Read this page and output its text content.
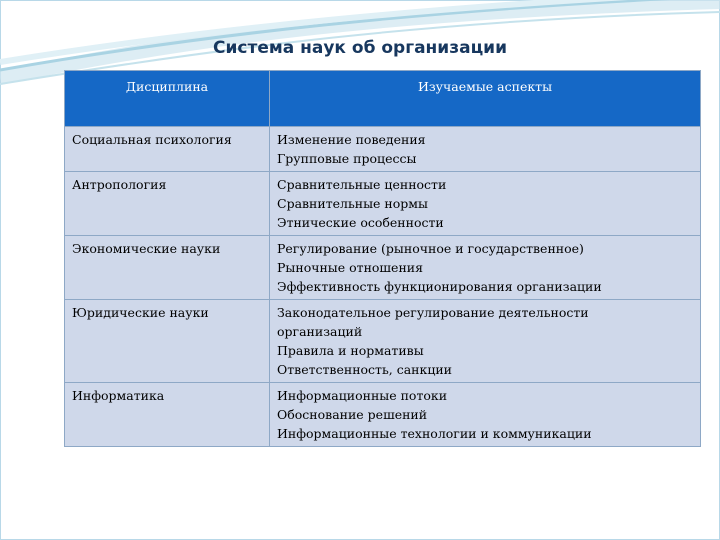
Система наук об организации
Дисциплина	Изучаемые аспекты
Социальная психология	Изменение поведения
Групповые процессы

Антропология	Сравнительные ценности
Сравнительные нормы
Этнические особенности

Экономические науки	Регулирование (рыночное и государственное)
Рыночные отношения
Эффективность функционирования организации

Юридические науки	Законодательное регулирование деятельности
организаций
Правила и нормативы
Ответственность, санкции

Информатика	Информационные потоки
Обоснование решений
Информационные технологии и коммуникации
